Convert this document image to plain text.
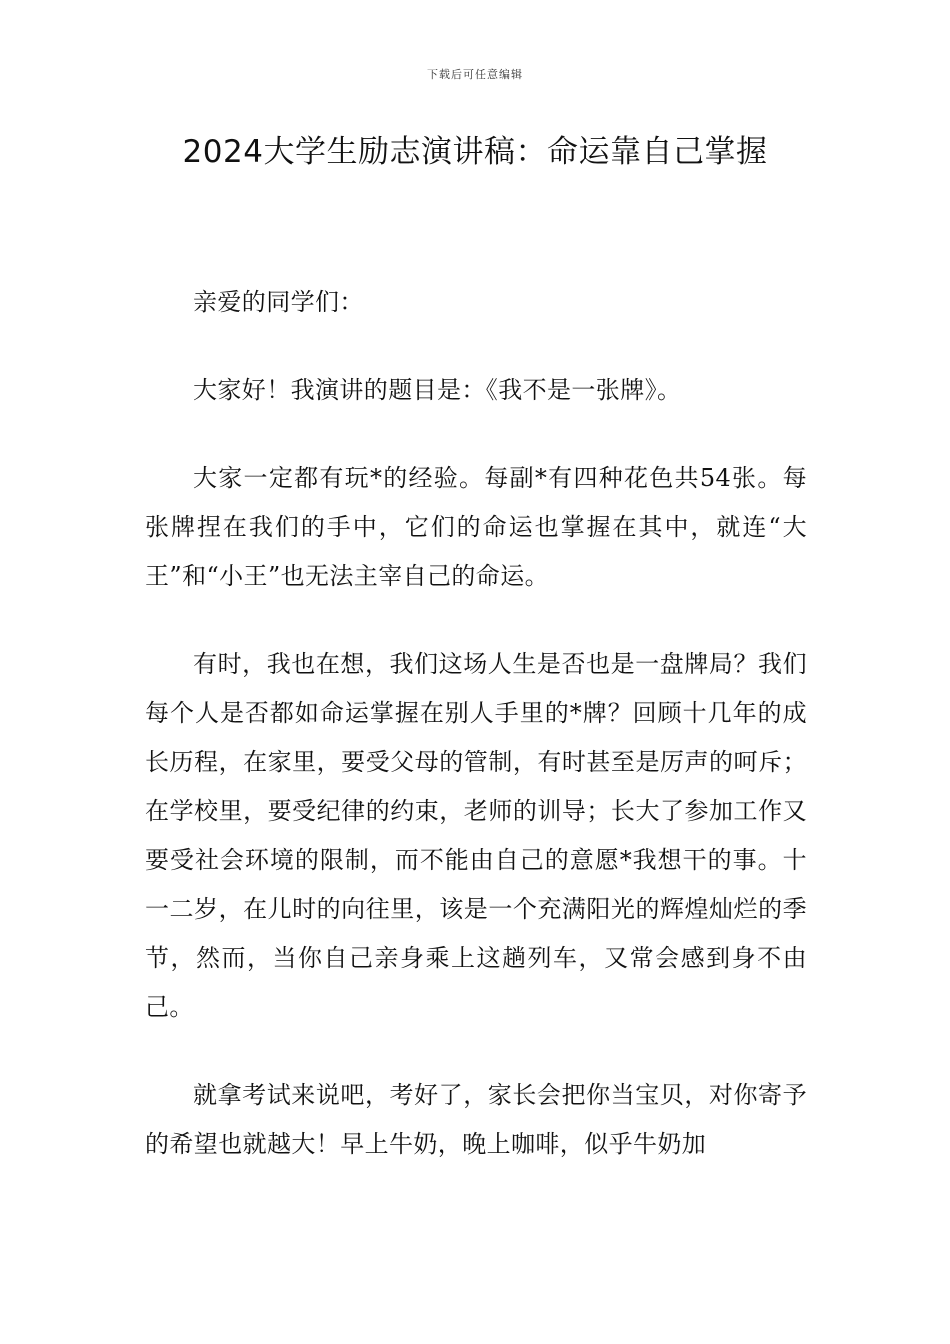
下载后可任意编辑
2024大学生励志演讲稿：命运靠自己掌握

亲爱的同学们：

大家好！我演讲的题目是：《我不是一张牌》。

大家一定都有玩*的经验。每副*有四种花色共54张。每张牌捏在我们的手中，它们的命运也掌握在其中，就连“大王”和“小王”也无法主宰自己的命运。

有时，我也在想，我们这场人生是否也是一盘牌局？我们每个人是否都如命运掌握在别人手里的*牌？回顾十几年的成长历程，在家里，要受父母的管制，有时甚至是厉声的呵斥；在学校里，要受纪律的约束，老师的训导；长大了参加工作又要受社会环境的限制，而不能由自己的意愿*我想干的事。十一二岁，在儿时的向往里，该是一个充满阳光的辉煌灿烂的季节，然而，当你自己亲身乘上这趟列车，又常会感到身不由己。

就拿考试来说吧，考好了，家长会把你当宝贝，对你寄予的希望也就越大！早上牛奶，晚上咖啡，似乎牛奶加
